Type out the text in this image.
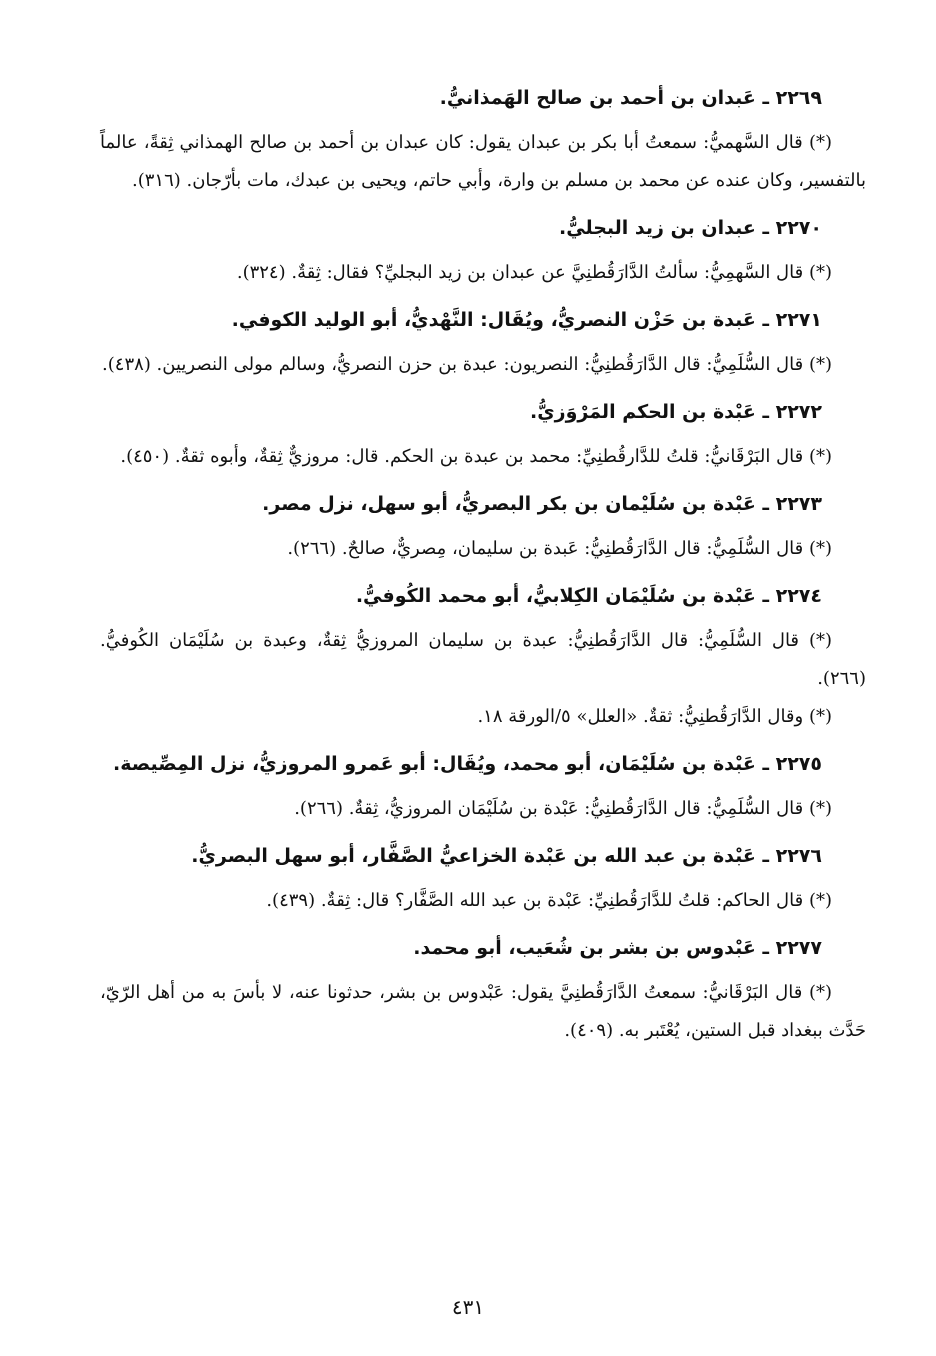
٢٢٦٩ ـ عَبدان بن أحمد بن صالح الهَمذانيُّ.

(*) قال السَّهميُّ: سمعتُ أبا بكر بن عبدان يقول: كان عبدان بن أحمد بن صالح الهمذاني ثِقةً، عالماً بالتفسير، وكان عنده عن محمد بن مسلم بن وارة، وأبي حاتم، ويحيى بن عبدك، مات بأرّجان. (٣١٦).

٢٢٧٠ ـ عبدان بن زيد البجليُّ.

(*) قال السَّهمِيُّ: سألتُ الدَّارَقُطنِيَّ عن عبدان بن زيد البجليِّ؟ فقال: ثِقةٌ. (٣٢٤).

٢٢٧١ ـ عَبدة بن حَزْن النصريُّ، ويُقَال: النَّهْديُّ، أبو الوليد الكوفي.

(*) قال السُّلَمِيُّ: قال الدَّارَقُطنِيُّ: النصريون: عبدة بن حزن النصريُّ، وسالم مولى النصريين. (٤٣٨).

٢٢٧٢ ـ عَبْدة بن الحكم المَرْوَزيُّ.

(*) قال البَرْقَانيُّ: قلتُ للدَّارقُطنِيِّ: محمد بن عبدة بن الحكم. قال: مروزيٌّ ثِقةٌ، وأبوه ثقةٌ. (٤٥٠).

٢٢٧٣ ـ عَبْدة بن سُلَيْمان بن بكر البصريُّ، أبو سهل، نزل مصر.

(*) قال السُّلَمِيُّ: قال الدَّارَقُطنِيُّ: عَبدة بن سليمان، مِصريٌّ، صالحٌ. (٢٦٦).

٢٢٧٤ ـ عَبْدة بن سُلَيْمَان الكِلابيُّ، أبو محمد الكُوفيُّ.

(*) قال السُّلَمِيُّ: قال الدَّارَقُطنِيُّ: عبدة بن سليمان المروزيُّ ثِقةٌ، وعبدة بن سُلَيْمَان الكُوفيُّ. (٢٦٦).

(*) وقال الدَّارَقُطنِيُّ: ثقةٌ. «العلل» ٥/الورقة ١٨.

٢٢٧٥ ـ عَبْدة بن سُلَيْمَان، أبو محمد، ويُقَال: أبو عَمرو المروزيُّ، نزل المِصِّيصة.

(*) قال السُّلَمِيُّ: قال الدَّارَقُطنِيُّ: عَبْدة بن سُلَيْمَان المروزيُّ، ثِقةٌ. (٢٦٦).

٢٢٧٦ ـ عَبْدة بن عبد الله بن عَبْدة الخزاعيُّ الصَّفَّار، أبو سهل البصريُّ.

(*) قال الحاكم: قلتُ للدَّارَقُطنِيِّ: عَبْدة بن عبد الله الصَّفَّار؟ قال: ثِقةٌ. (٤٣٩).

٢٢٧٧ ـ عَبْدوس بن بشر بن شُعَيب، أبو محمد.

(*) قال البَرْقَانيُّ: سمعتُ الدَّارَقُطنِيَّ يقول: عَبْدوس بن بشر، حدثونا عنه، لا بأسَ به من أهل الرّيّ، حَدَّث ببغداد قبل الستين، يُعْتَبر به. (٤٠٩).

٤٣١
